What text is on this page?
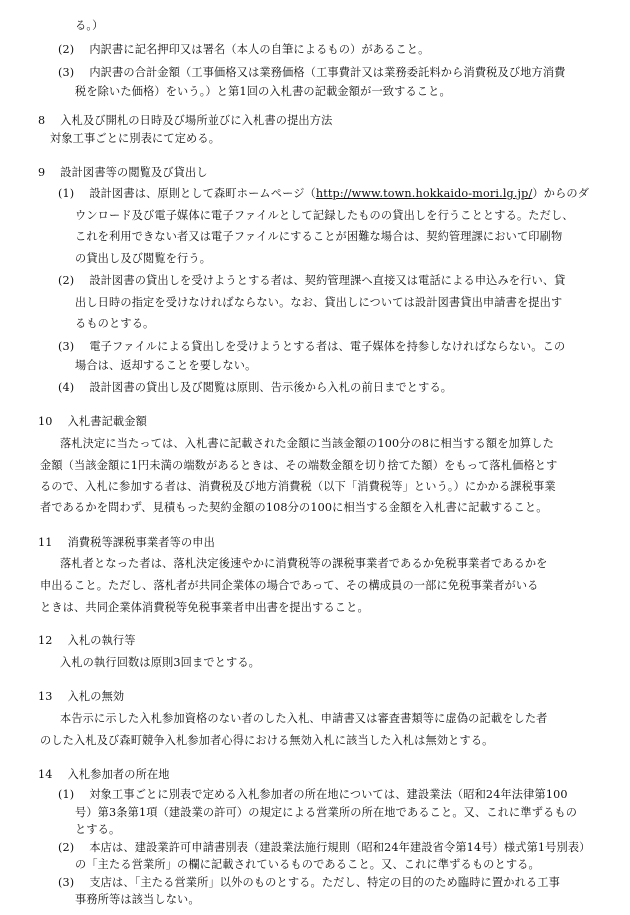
る。）
(2)　 内訳書に記名押印又は署名（本人の自筆によるもの）があること。
(3)　 内訳書の合計金額（工事価格又は業務価格（工事費計又は業務委託料から消費税及び地方消費
税を除いた価格）をいう。）と第1回の入札書の記載金額が一致すること。
8　 入札及び開札の日時及び場所並びに入札書の提出方法
対象工事ごとに別表にて定める。
9　 設計図書等の閲覧及び貸出し
(1)　 設計図書は、原則として森町ホームページ（http://www.town.hokkaido-mori.lg.jp/）からのダ
ウンロード及び電子媒体に電子ファイルとして記録したものの貸出しを行うこととする。ただし、
これを利用できない者又は電子ファイルにすることが困難な場合は、契約管理課において印刷物
の貸出し及び閲覧を行う。
(2)　 設計図書の貸出しを受けようとする者は、契約管理課へ直接又は電話による申込みを行い、貸
出し日時の指定を受けなければならない。なお、貸出しについては設計図書貸出申請書を提出す
るものとする。
(3)　 電子ファイルによる貸出しを受けようとする者は、電子媒体を持参しなければならない。この
場合は、返却することを要しない。
(4)　 設計図書の貸出し及び閲覧は原則、告示後から入札の前日までとする。
10　 入札書記載金額
落札決定に当たっては、入札書に記載された金額に当該金額の100分の8に相当する額を加算した
金額（当該金額に1円未満の端数があるときは、その端数金額を切り捨てた額）をもって落札価格とす
るので、入札に参加する者は、消費税及び地方消費税（以下「消費税等」という。）にかかる課税事業
者であるかを問わず、見積もった契約金額の108分の100に相当する金額を入札書に記載すること。
11　 消費税等課税事業者等の申出
落札者となった者は、落札決定後速やかに消費税等の課税事業者であるか免税事業者であるかを
申出ること。ただし、落札者が共同企業体の場合であって、その構成員の一部に免税事業者がいる
ときは、共同企業体消費税等免税事業者申出書を提出すること。
12　 入札の執行等
入札の執行回数は原則3回までとする。
13　 入札の無効
本告示に示した入札参加資格のない者のした入札、申請書又は審査書類等に虚偽の記載をした者
のした入札及び森町競争入札参加者心得における無効入札に該当した入札は無効とする。
14　 入札参加者の所在地
(1)　 対象工事ごとに別表で定める入札参加者の所在地については、建設業法（昭和24年法律第100
号）第3条第1項（建設業の許可）の規定による営業所の所在地であること。又、これに準ずるもの
とする。
(2)　 本店は、建設業許可申請書別表（建設業法施行規則（昭和24年建設省令第14号）様式第1号別表）
の「主たる営業所」の欄に記載されているものであること。又、これに準ずるものとする。
(3)　 支店は、「主たる営業所」以外のものとする。ただし、特定の目的のため臨時に置かれる工事
事務所等は該当しない。
